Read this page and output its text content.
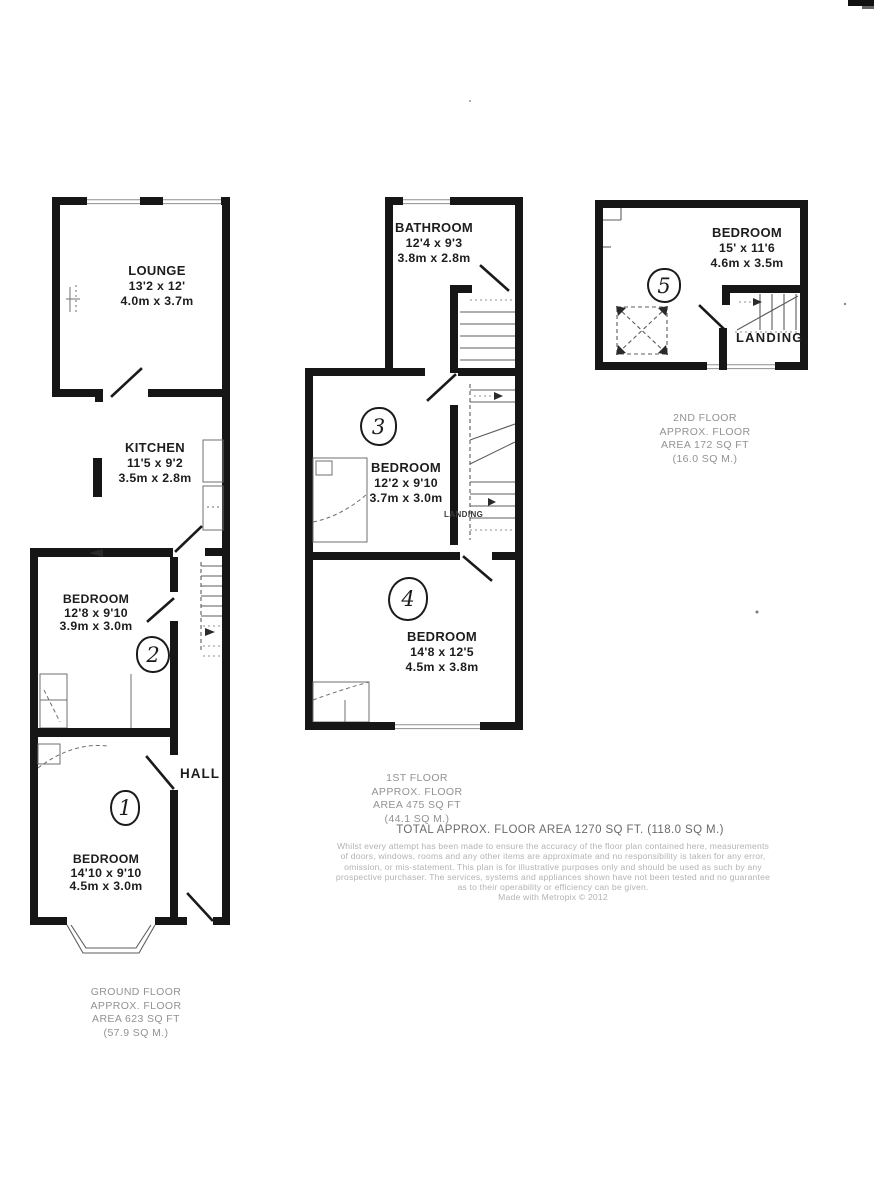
LOUNGE
13'2 x 12'
4.0m x 3.7m
KITCHEN
11'5 x 9'2
3.5m x 2.8m
BEDROOM
12'8 x 9'10
3.9m x 3.0m
HALL
BEDROOM
14'10 x 9'10
4.5m x 3.0m
1
2
GROUND FLOOR
APPROX. FLOOR
AREA 623 SQ FT
(57.9 SQ M.)
BATHROOM
12'4 x 9'3
3.8m x 2.8m
BEDROOM
12'2 x 9'10
3.7m x 3.0m
LANDING
BEDROOM
14'8 x 12'5
4.5m x 3.8m
3
4
1ST FLOOR
APPROX. FLOOR
AREA 475 SQ FT
(44.1 SQ M.)
BEDROOM
15' x 11'6
4.6m x 3.5m
LANDING
5
2ND FLOOR
APPROX. FLOOR
AREA 172 SQ FT
(16.0 SQ M.)
TOTAL APPROX. FLOOR AREA 1270 SQ FT. (118.0 SQ M.)
Whilst every attempt has been made to ensure the accuracy of the floor plan contained here, measurements
of doors, windows, rooms and any other items are approximate and no responsibility is taken for any error,
omission, or mis-statement. This plan is for illustrative purposes only and should be used as such by any
prospective purchaser. The services, systems and appliances shown have not been tested and no guarantee
as to their operability or efficiency can be given.
Made with Metropix © 2012
